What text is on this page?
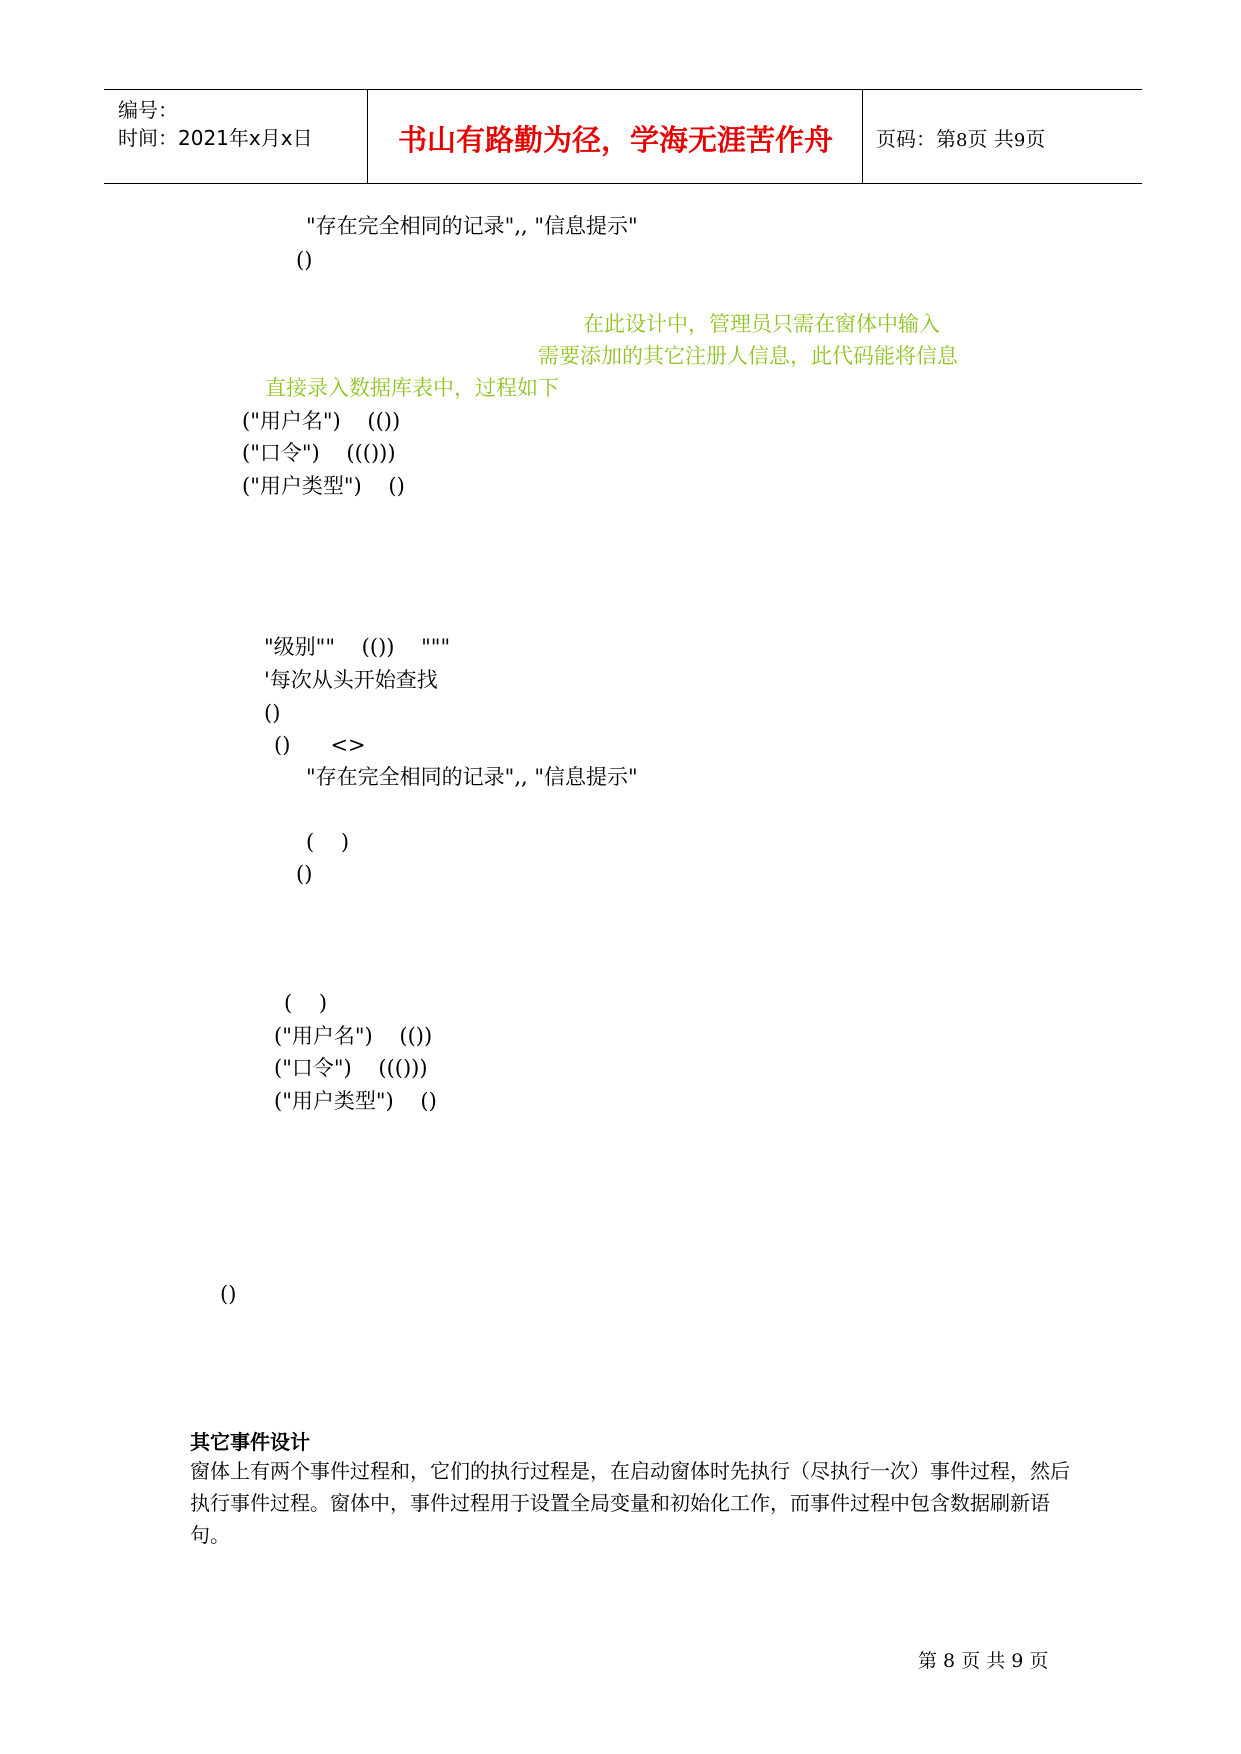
编号：
时间：2021年x月x日	书山有路勤为径，学海无涯苦作舟	页码：第8页 共9页
"存在完全相同的记录",, "信息提示"
()
在此设计中，管理员只需在窗体中输入
需要添加的其它注册人信息，此代码能将信息
直接录入数据库表中，过程如下
("用户名")    (())
("口令")    ((()))
("用户类型")    ()
"级别""    (())    """
'每次从头开始查找
()
()      <>
"存在完全相同的记录",, "信息提示"
(    )
()
(    )
("用户名")    (())
("口令")    ((()))
("用户类型")    ()
()
其它事件设计
窗体上有两个事件过程和，它们的执行过程是，在启动窗体时先执行（尽执行一次）事件过程，然后执行事件过程。窗体中，事件过程用于设置全局变量和初始化工作，而事件过程中包含数据刷新语句。
第 8 页 共 9 页
